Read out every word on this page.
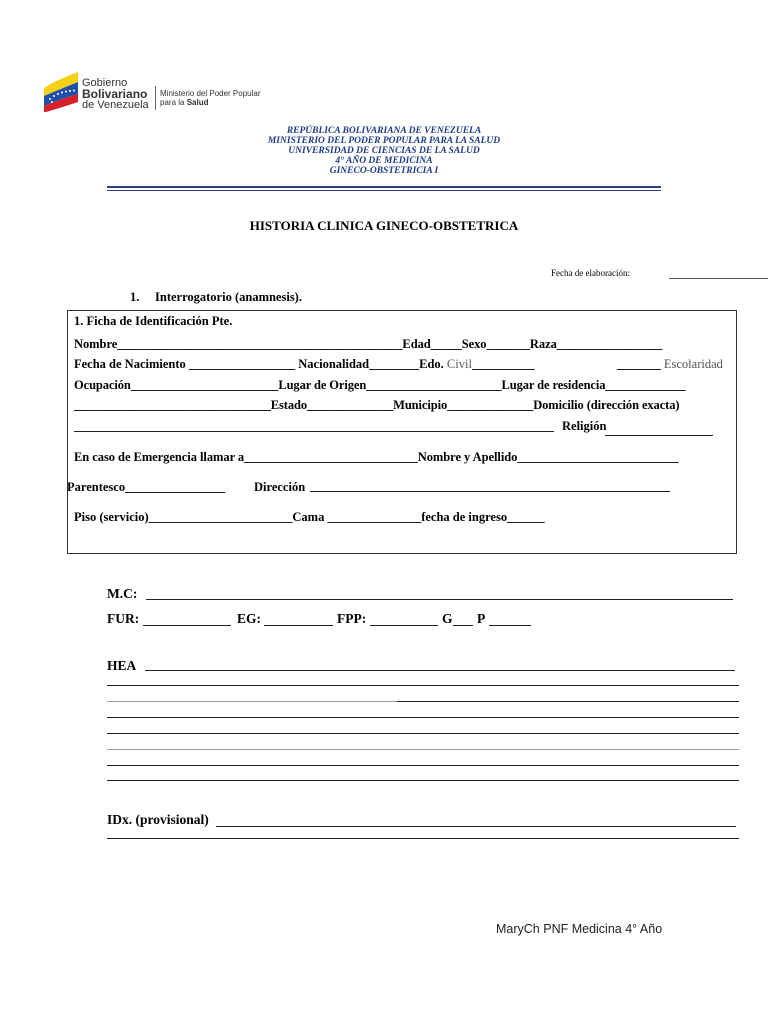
Gobierno
Bolivariano
de Venezuela
Ministerio del Poder Popular
para la Salud
REPÚBLICA BOLIVARIANA DE VENEZUELA
MINISTERIO DEL PODER POPULAR PARA LA SALUD
UNIVERSIDAD DE CIENCIAS DE LA SALUD
4° AÑO DE MEDICINA
GINECO-OBSTETRICIA I
HISTORIA CLINICA GINECO-OBSTETRICA
Fecha de elaboración:
1. Interrogatorio (anamnesis).
1. Ficha de Identificación Pte.
Nombre______________________________________________Edad_____Sexo_______Raza_________________
Fecha de Nacimiento _________________ Nacionalidad________Edo. Civil__________	_______ Escolaridad
Ocupación________________________Lugar de Origen______________________Lugar de residencia_____________
________________________________Estado______________Municipio______________Domicilio (dirección exacta)
Religión
En caso de Emergencia llamar a____________________________Nombre y Apellido__________________________
Parentesco________________ Dirección
Piso (servicio)_______________________Cama _______________fecha de ingreso______
M.C:
FUR:	EG:	FPP:	G P
HEA
IDx. (provisional)
MaryCh PNF Medicina 4° Año
